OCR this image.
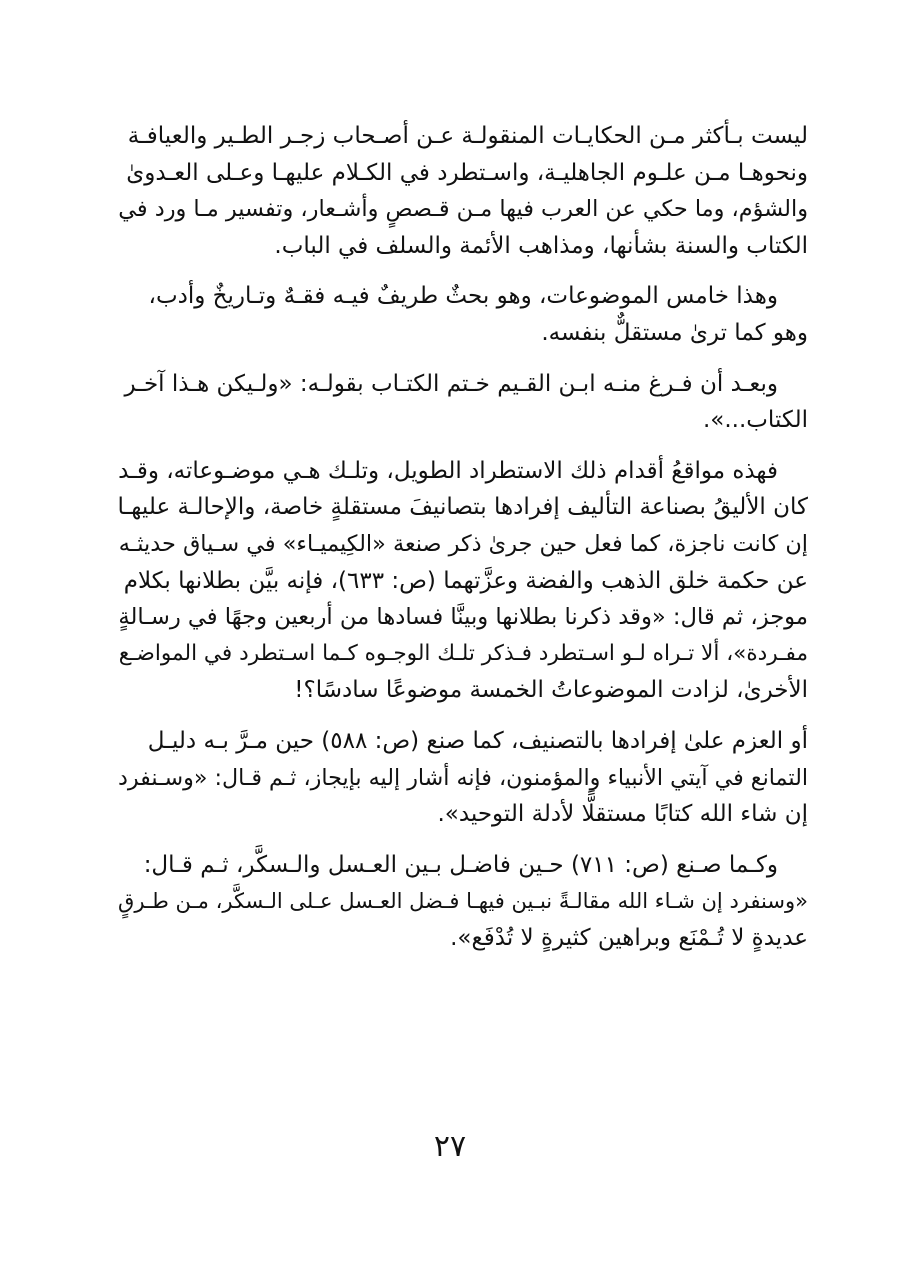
ليست بـأكثر مـن الحكايـات المنقولـة عـن أصـحاب زجـر الطـير والعيافـة
ونحوهـا مـن علـوم الجاهليـة، واسـتطرد في الكـلام عليهـا وعـلى العـدوىٰ
والشؤم، وما حكي عن العرب فيها مـن قـصصٍ وأشـعار، وتفسير مـا ورد في
الكتاب والسنة بشأنها، ومذاهب الأئمة والسلف في الباب.

وهذا خامس الموضوعات، وهو بحثٌ طريفٌ فيـه فقـهٌ وتـاريخٌ وأدب،
وهو كما ترىٰ مستقلٌّ بنفسه.

وبعـد أن فـرغ منـه ابـن القـيم خـتم الكتـاب بقولـه: «ولـيكن هـذا آخـر
الكتاب...».

فهذه مواقعُ أقدام ذلك الاستطراد الطويل، وتلـك هـي موضـوعاته، وقـد
كان الأليقُ بصناعة التأليف إفرادها بتصانيفَ مستقلةٍ خاصة، والإحالـة عليهـا
إن كانت ناجزة، كما فعل حين جرىٰ ذكر صنعة «الكِيميـاء» في سـياق حديثـه
عن حكمة خلق الذهب والفضة وعزَّتهما (ص: ٦٣٣)، فإنه بيَّن بطلانها بكلام
موجز، ثم قال: «وقد ذكرنا بطلانها وبينَّا فسادها من أربعين وجهًا في رسـالةٍ
مفـردة»، ألا تـراه لـو اسـتطرد فـذكر تلـك الوجـوه كـما اسـتطرد في المواضـع
الأخرىٰ، لزادت الموضوعاتُ الخمسة موضوعًا سادسًا؟!

أو العزم علىٰ إفرادها بالتصنيف، كما صنع (ص: ٥٨٨) حين مـرَّ بـه دليـل
التمانع في آيتي الأنبياء والمؤمنون، فإنه أشار إليه بإيجاز، ثـم قـال: «وسـنفرد
إن شاء الله كتابًا مستقلًّا لأدلة التوحيد».

وكـما صـنع (ص: ٧١١) حـين فاضـل بـين العـسل والـسكَّر، ثـم قـال:
«وسنفرد إن شـاء الله مقالـةً نبـين فيهـا فـضل العـسل عـلى الـسكَّر، مـن طـرقٍ
عديدةٍ لا تُـمْنَع وبراهين كثيرةٍ لا تُدْفَع».

٢٧
